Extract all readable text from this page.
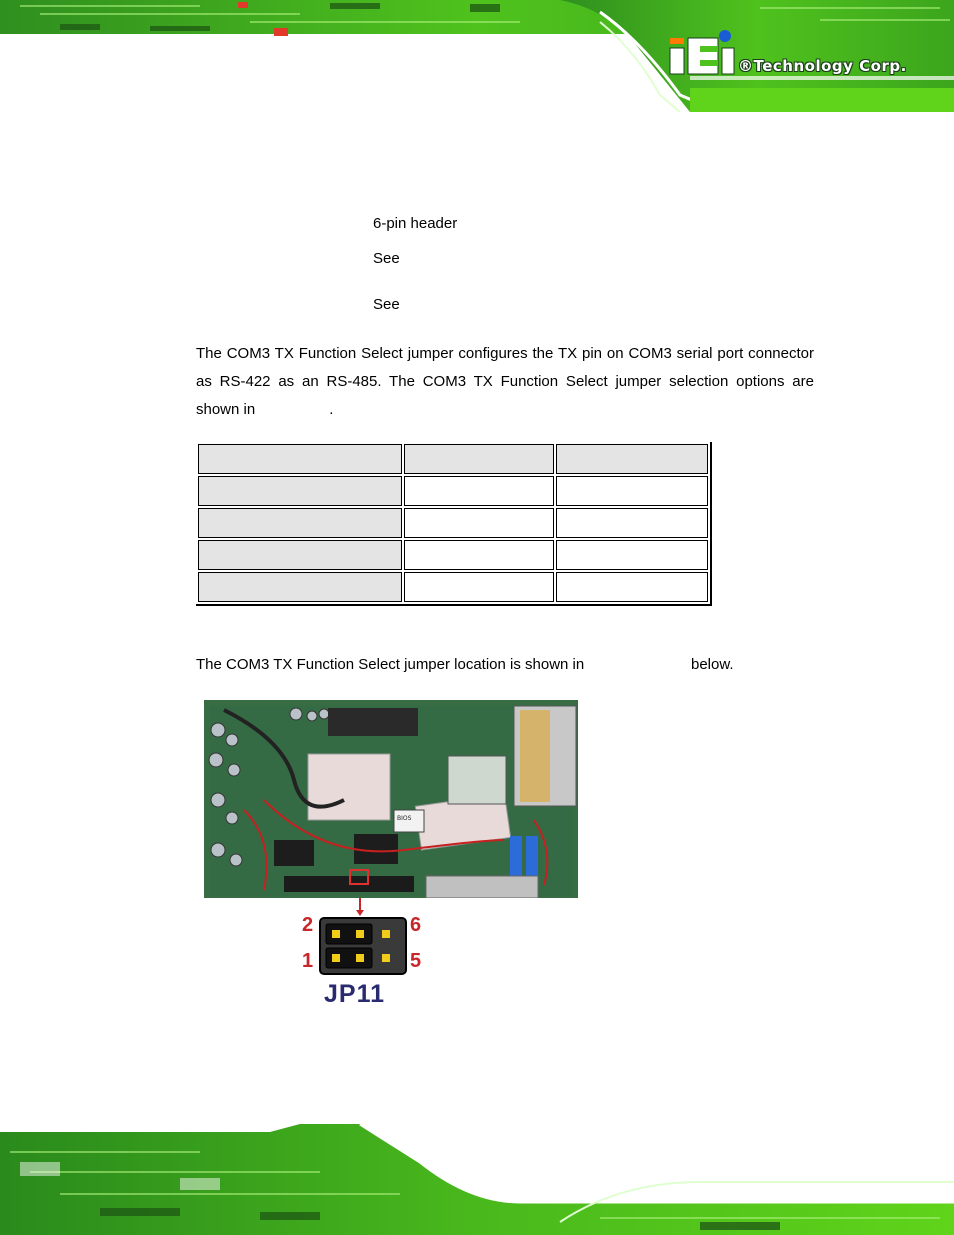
®Technology Corp.
6-pin header
See
See
The COM3 TX Function Select jumper configures the TX pin on COM3 serial port connector as RS-422 as an RS-485. The COM3 TX Function Select jumper selection options are shown in	.

The COM3 TX Function Select jumper location is shown in	below.
BIOS
2
1
6
5
JP11
